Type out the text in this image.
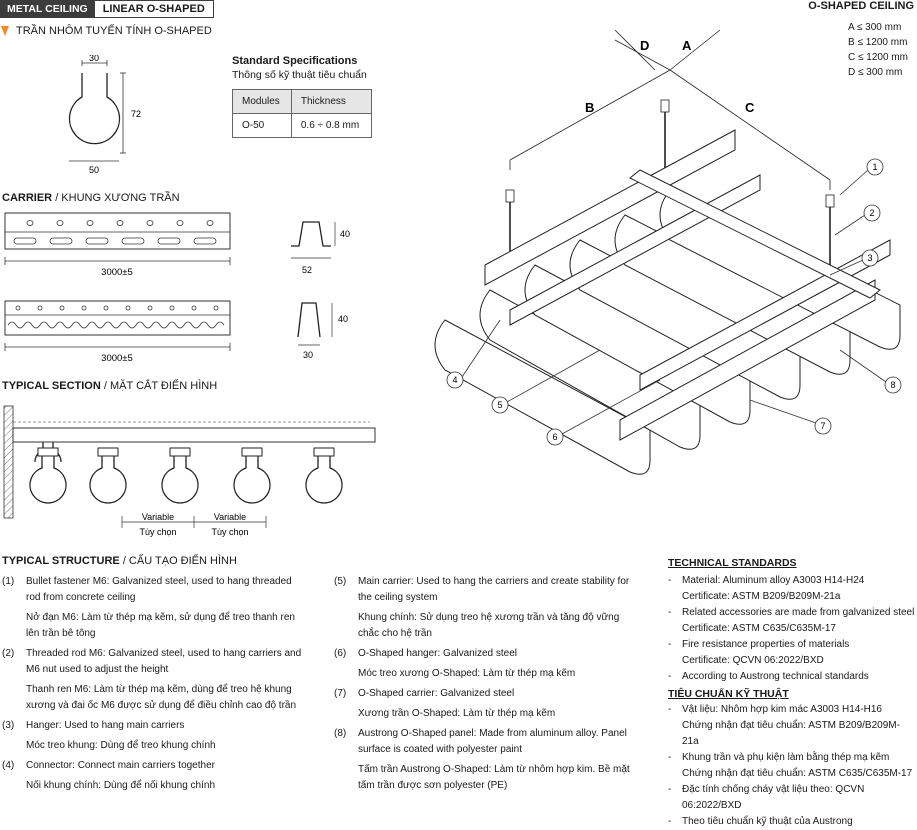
METAL CEILING	LINEAR O-SHAPED
TRẦN NHÔM TUYẾN TÍNH O-SHAPED
O-SHAPED CEILING
A ≤ 300 mm
B ≤ 1200 mm
C ≤ 1200 mm
D ≤ 300 mm
30
72
50
Standard Specifications
Thông số kỹ thuật tiêu chuẩn
Modules	Thickness
O-50	0.6 ÷ 0.8 mm
CARRIER / KHUNG XƯƠNG TRẦN
3000±5
40
52
3000±5
40
30
TYPICAL SECTION / MẶT CẮT ĐIỂN HÌNH
Variable
Tùy chọn
Variable
Tùy chọn
D	A
B	C
1
2
3
4
5
6
7
8
TYPICAL STRUCTURE / CẤU TẠO ĐIỂN HÌNH
(1)	Bullet fastener M6: Galvanized steel, used to hang threaded rod from concrete ceiling
Nở đạn M6: Làm từ thép mạ kẽm, sử dụng để treo thanh ren lên trần bê tông
(2)	Threaded rod M6: Galvanized steel, used to hang carriers and M6 nut used to adjust the height
Thanh ren M6: Làm từ thép mạ kẽm, dùng để treo hệ khung xương và đai ốc M6 được sử dụng để điều chỉnh cao độ trần
(3)	Hanger: Used to hang main carriers
Móc treo khung: Dùng để treo khung chính
(4)	Connector: Connect main carriers together
Nối khung chính: Dùng để nối khung chính
(5)	Main carrier: Used to hang the carriers and create stability for the ceiling system
Khung chính: Sử dụng treo hệ xương trần và tăng độ vững chắc cho hệ trần
(6)	O-Shaped hanger: Galvanized steel
Móc treo xương O-Shaped: Làm từ thép mạ kẽm
(7)	O-Shaped carrier: Galvanized steel
Xương trần O-Shaped: Làm từ thép mạ kẽm
(8)	Austrong O-Shaped panel: Made from aluminum alloy. Panel surface is coated with polyester paint
Tấm trần Austrong O-Shaped: Làm từ nhôm hợp kim. Bề mặt tấm trần được sơn polyester (PE)
TECHNICAL STANDARDS
-	Material: Aluminum alloy A3003 H14-H24
Certificate: ASTM B209/B209M-21a
-	Related accessories are made from galvanized steel
Certificate: ASTM C635/C635M-17
-	Fire resistance properties of materials
Certificate: QCVN 06:2022/BXD
-	According to Austrong technical standards
TIÊU CHUẨN KỸ THUẬT
-	Vật liệu: Nhôm hợp kim mác A3003 H14-H16
Chứng nhận đạt tiêu chuẩn: ASTM B209/B209M-21a
-	Khung trần và phụ kiện làm bằng thép mạ kẽm
Chứng nhận đạt tiêu chuẩn: ASTM C635/C635M-17
-	Đặc tính chống cháy vật liệu theo: QCVN 06:2022/BXD
-	Theo tiêu chuẩn kỹ thuật của Austrong
